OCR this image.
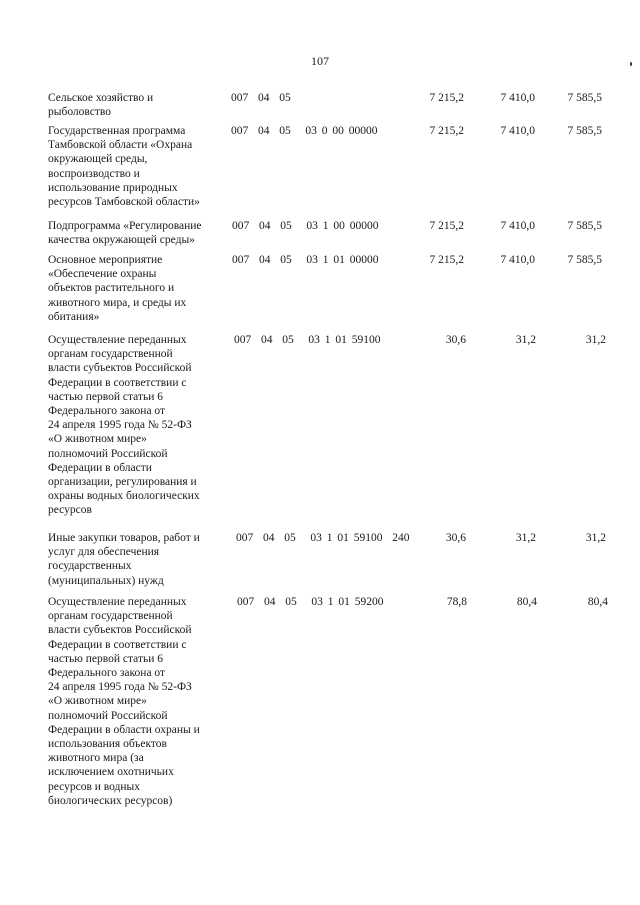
107
Сельское хозяйство и
рыболовство
007  04  05	7 215,2	7 410,0	7 585,5
Государственная программа
Тамбовской области «Охрана
окружающей среды,
воспроизводство и
использование природных
ресурсов Тамбовской области»
007  04  05   03 0 00 00000	7 215,2	7 410,0	7 585,5
Подпрограмма «Регулирование
качества окружающей среды»
007  04  05   03 1 00 00000	7 215,2	7 410,0	7 585,5
Основное мероприятие
«Обеспечение охраны
объектов растительного и
животного мира, и среды их
обитания»
007  04  05   03 1 01 00000	7 215,2	7 410,0	7 585,5
Осуществление переданных
органам государственной
власти субъектов Российской
Федерации в соответствии с
частью первой статьи 6
Федерального закона от
24 апреля 1995 года № 52-ФЗ
«О животном мире»
полномочий Российской
Федерации в области
организации, регулирования и
охраны водных биологических
ресурсов
007  04  05   03 1 01 59100	30,6	31,2	31,2
Иные закупки товаров, работ и
услуг для обеспечения
государственных
(муниципальных) нужд
007  04  05   03 1 01 59100  240	30,6	31,2	31,2
Осуществление переданных
органам государственной
власти субъектов Российской
Федерации в соответствии с
частью первой статьи 6
Федерального закона от
24 апреля 1995 года № 52-ФЗ
«О животном мире»
полномочий Российской
Федерации в области охраны и
использования объектов
животного мира (за
исключением охотничьих
ресурсов и водных
биологических ресурсов)
007  04  05   03 1 01 59200	78,8	80,4	80,4
